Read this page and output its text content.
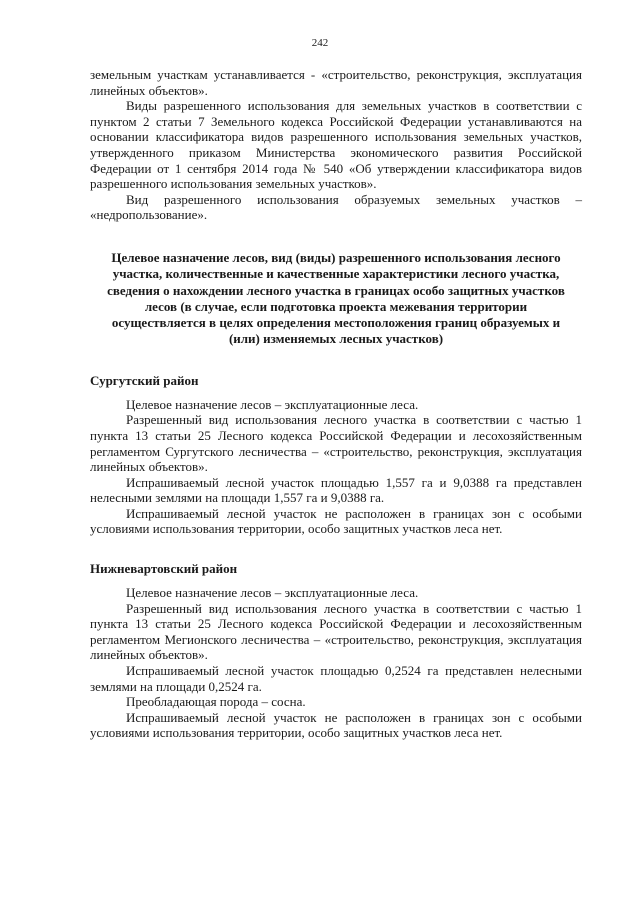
242

земельным участкам устанавливается - «строительство, реконструкция, эксплуатация линейных объектов».

Виды разрешенного использования для земельных участков в соответствии с пунктом 2 статьи 7 Земельного кодекса Российской Федерации устанавливаются на основании классификатора видов разрешенного использования земельных участков, утвержденного приказом Министерства экономического развития Российской Федерации от 1 сентября 2014 года № 540 «Об утверждении классификатора видов разрешенного использования земельных участков».

Вид разрешенного использования образуемых земельных участков – «недропользование».

Целевое назначение лесов, вид (виды) разрешенного использования лесного участка, количественные и качественные характеристики лесного участка, сведения о нахождении лесного участка в границах особо защитных участков лесов (в случае, если подготовка проекта межевания территории осуществляется в целях определения местоположения границ образуемых и (или) изменяемых лесных участков)
Сургутский район

Целевое назначение лесов – эксплуатационные леса.

Разрешенный вид использования лесного участка в соответствии с частью 1 пункта 13 статьи 25 Лесного кодекса Российской Федерации и лесохозяйственным регламентом Сургутского лесничества – «строительство, реконструкция, эксплуатация линейных объектов».

Испрашиваемый лесной участок площадью 1,557 га и 9,0388 га представлен нелесными землями на площади 1,557 га и 9,0388 га.

Испрашиваемый лесной участок не расположен в границах зон с особыми условиями использования территории, особо защитных участков леса нет.

Нижневартовский район

Целевое назначение лесов – эксплуатационные леса.

Разрешенный вид использования лесного участка в соответствии с частью 1 пункта 13 статьи 25 Лесного кодекса Российской Федерации и лесохозяйственным регламентом Мегионского лесничества – «строительство, реконструкция, эксплуатация линейных объектов».

Испрашиваемый лесной участок площадью 0,2524 га представлен нелесными землями на площади 0,2524 га.

Преобладающая порода – сосна.

Испрашиваемый лесной участок не расположен в границах зон с особыми условиями использования территории, особо защитных участков леса нет.
